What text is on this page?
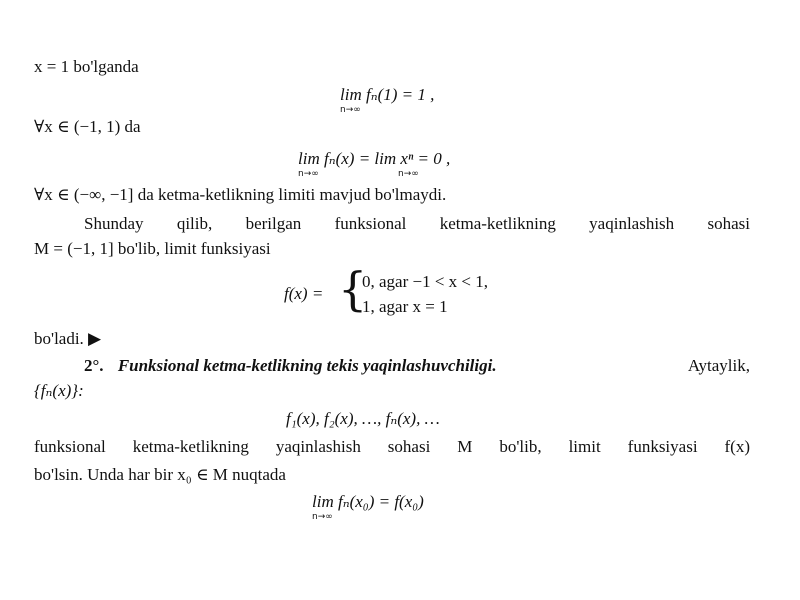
x = 1 bo'lganda
lim fₙ(1) = 1 ,
n→∞
∀x ∈ (−1, 1) da
lim fₙ(x) = lim xⁿ = 0 ,
n→∞	n→∞
∀x ∈ (−∞, −1] da ketma-ketlikning limiti mavjud bo'lmaydi.
Shunday qilib, berilgan funksional ketma-ketlikning yaqinlashish sohasi
M = (−1, 1] bo'lib, limit funksiyasi
f(x) = {
0, agar −1 < x < 1,
1, agar x = 1
bo'ladi. ▶
2°. Funksional ketma-ketlikning tekis yaqinlashuvchiligi.	Aytaylik,
{fₙ(x)}:
f₁(x), f₂(x), …, fₙ(x), …
funksional ketma-ketlikning yaqinlashish sohasi M bo'lib, limit funksiyasi f(x)
bo'lsin. Unda har bir x₀ ∈ M nuqtada
lim fₙ(x₀) = f(x₀)
n→∞
